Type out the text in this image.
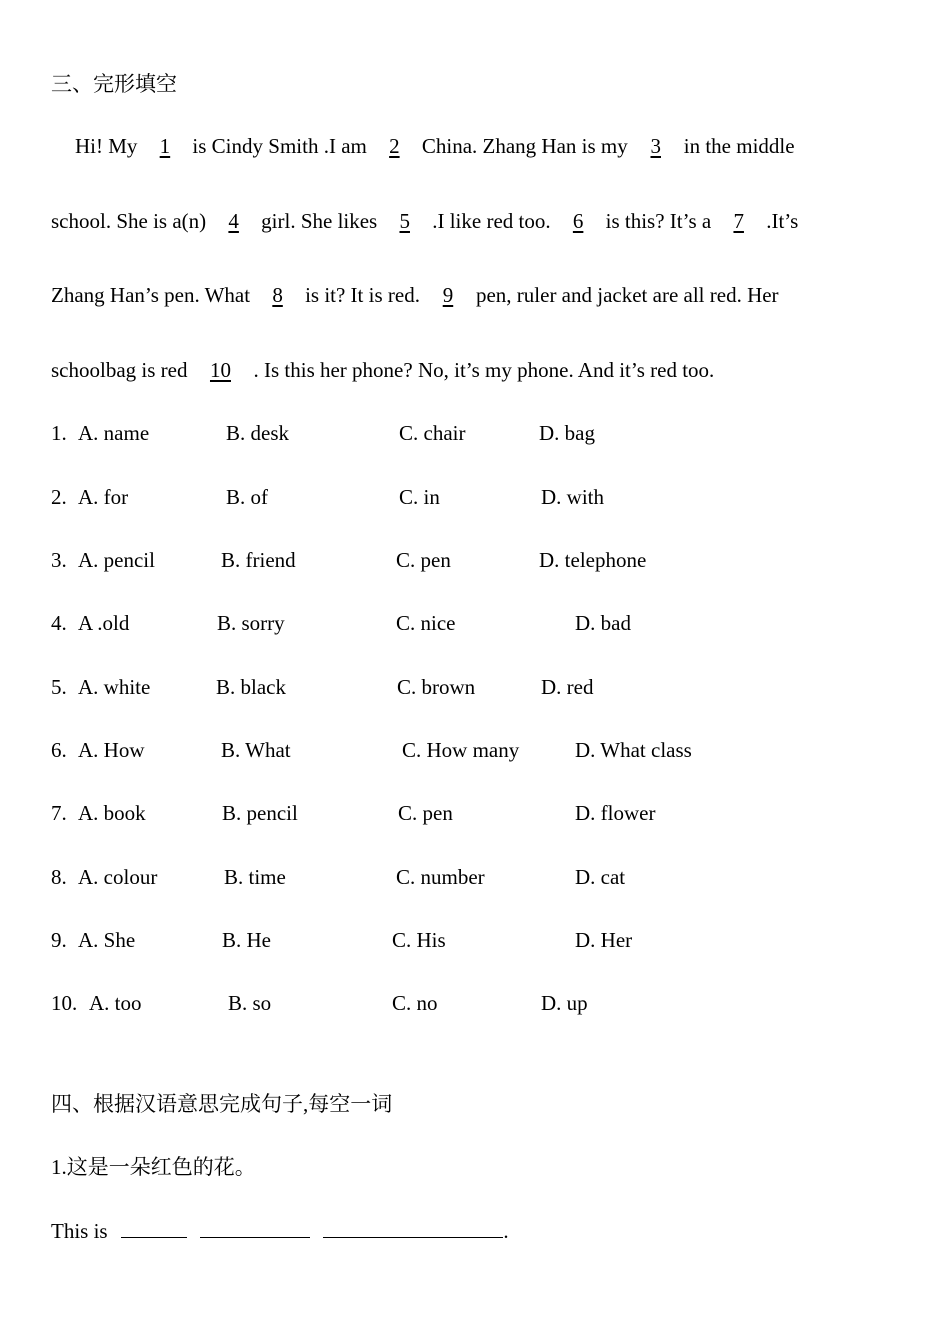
三、完形填空
Hi! My 1 is Cindy Smith .I am 2 China. Zhang Han is my 3 in the middle
school. She is a(n) 4 girl. She likes 5 .I like red too. 6 is this? It’s a 7 .It’s
Zhang Han’s pen. What 8 is it? It is red. 9 pen, ruler and jacket are all red. Her
schoolbag is red 10 . Is this her phone? No, it’s my phone. And it’s red too.
1. A. name	B. desk	C. chair	D. bag
2. A. for	B. of	C. in	D. with
3. A. pencil	B. friend	C. pen	D. telephone
4. A .old	B. sorry	C. nice	D. bad
5. A. white	B. black	C. brown	D. red
6. A. How	B. What	C. How many	D. What class
7. A. book	B. pencil	C. pen	D. flower
8. A. colour	B. time	C. number	D. cat
9. A. She	B. He	C. His	D. Her
10. A. too	B. so	C. no	D. up
四、根据汉语意思完成句子,每空一词
1.这是一朵红色的花。
This is	.
